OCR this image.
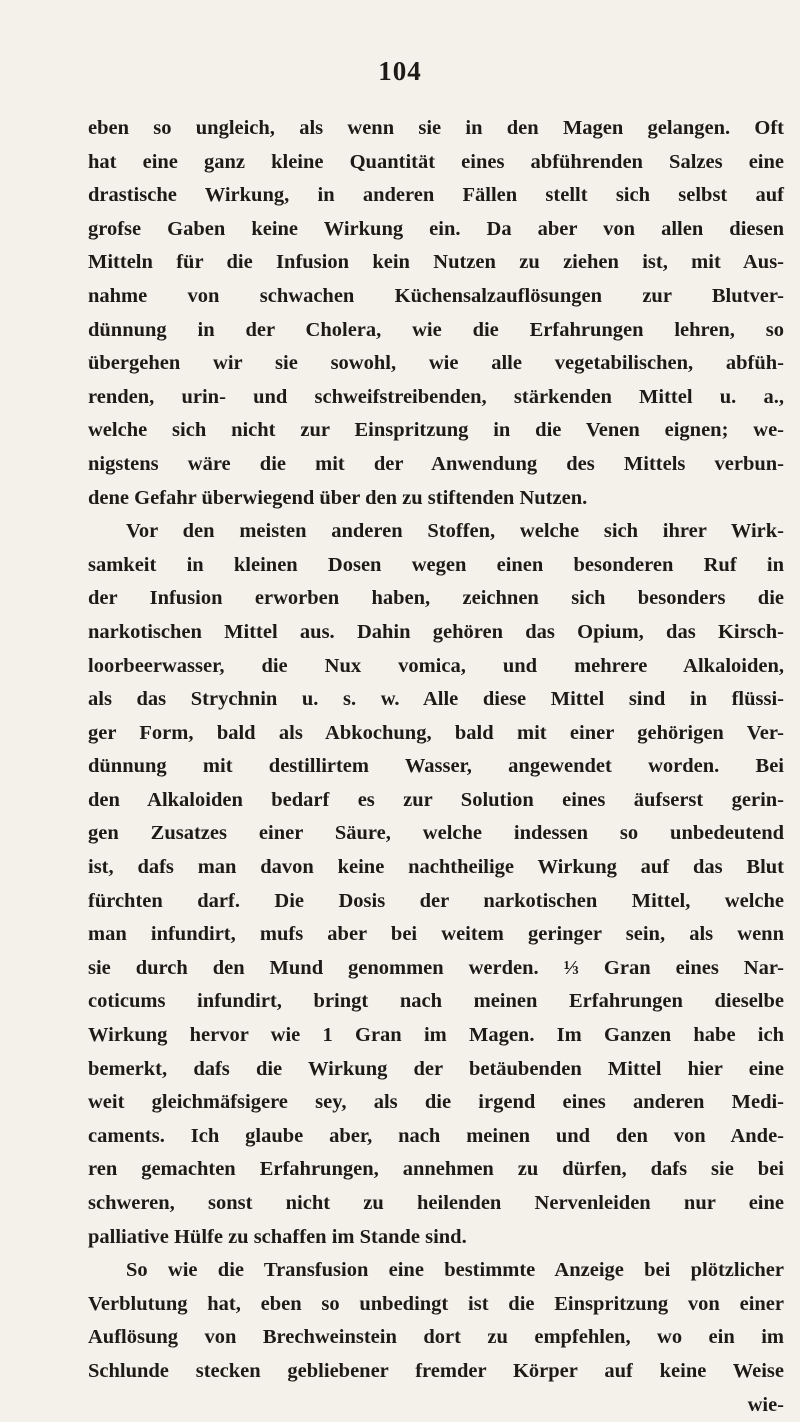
104
eben so ungleich, als wenn sie in den Magen gelangen. Oft
hat eine ganz kleine Quantität eines abführenden Salzes eine
drastische Wirkung, in anderen Fällen stellt sich selbst auf
grofse Gaben keine Wirkung ein. Da aber von allen diesen
Mitteln für die Infusion kein Nutzen zu ziehen ist, mit Aus-
nahme von schwachen Küchensalzauflösungen zur Blutver-
dünnung in der Cholera, wie die Erfahrungen lehren, so
übergehen wir sie sowohl, wie alle vegetabilischen, abfüh-
renden, urin- und schweifstreibenden, stärkenden Mittel u. a.,
welche sich nicht zur Einspritzung in die Venen eignen; we-
nigstens wäre die mit der Anwendung des Mittels verbun-
dene Gefahr überwiegend über den zu stiftenden Nutzen.
Vor den meisten anderen Stoffen, welche sich ihrer Wirk-
samkeit in kleinen Dosen wegen einen besonderen Ruf in
der Infusion erworben haben, zeichnen sich besonders die
narkotischen Mittel aus. Dahin gehören das Opium, das Kirsch-
loorbeerwasser, die Nux vomica, und mehrere Alkaloiden,
als das Strychnin u. s. w. Alle diese Mittel sind in flüssi-
ger Form, bald als Abkochung, bald mit einer gehörigen Ver-
dünnung mit destillirtem Wasser, angewendet worden. Bei
den Alkaloiden bedarf es zur Solution eines äufserst gerin-
gen Zusatzes einer Säure, welche indessen so unbedeutend
ist, dafs man davon keine nachtheilige Wirkung auf das Blut
fürchten darf. Die Dosis der narkotischen Mittel, welche
man infundirt, mufs aber bei weitem geringer sein, als wenn
sie durch den Mund genommen werden. ⅓ Gran eines Nar-
coticums infundirt, bringt nach meinen Erfahrungen dieselbe
Wirkung hervor wie 1 Gran im Magen. Im Ganzen habe ich
bemerkt, dafs die Wirkung der betäubenden Mittel hier eine
weit gleichmäfsigere sey, als die irgend eines anderen Medi-
caments. Ich glaube aber, nach meinen und den von Ande-
ren gemachten Erfahrungen, annehmen zu dürfen, dafs sie bei
schweren, sonst nicht zu heilenden Nervenleiden nur eine
palliative Hülfe zu schaffen im Stande sind.
So wie die Transfusion eine bestimmte Anzeige bei plötzlicher
Verblutung hat, eben so unbedingt ist die Einspritzung von einer
Auflösung von Brechweinstein dort zu empfehlen, wo ein im
Schlunde stecken gebliebener fremder Körper auf keine Weise
wie-
